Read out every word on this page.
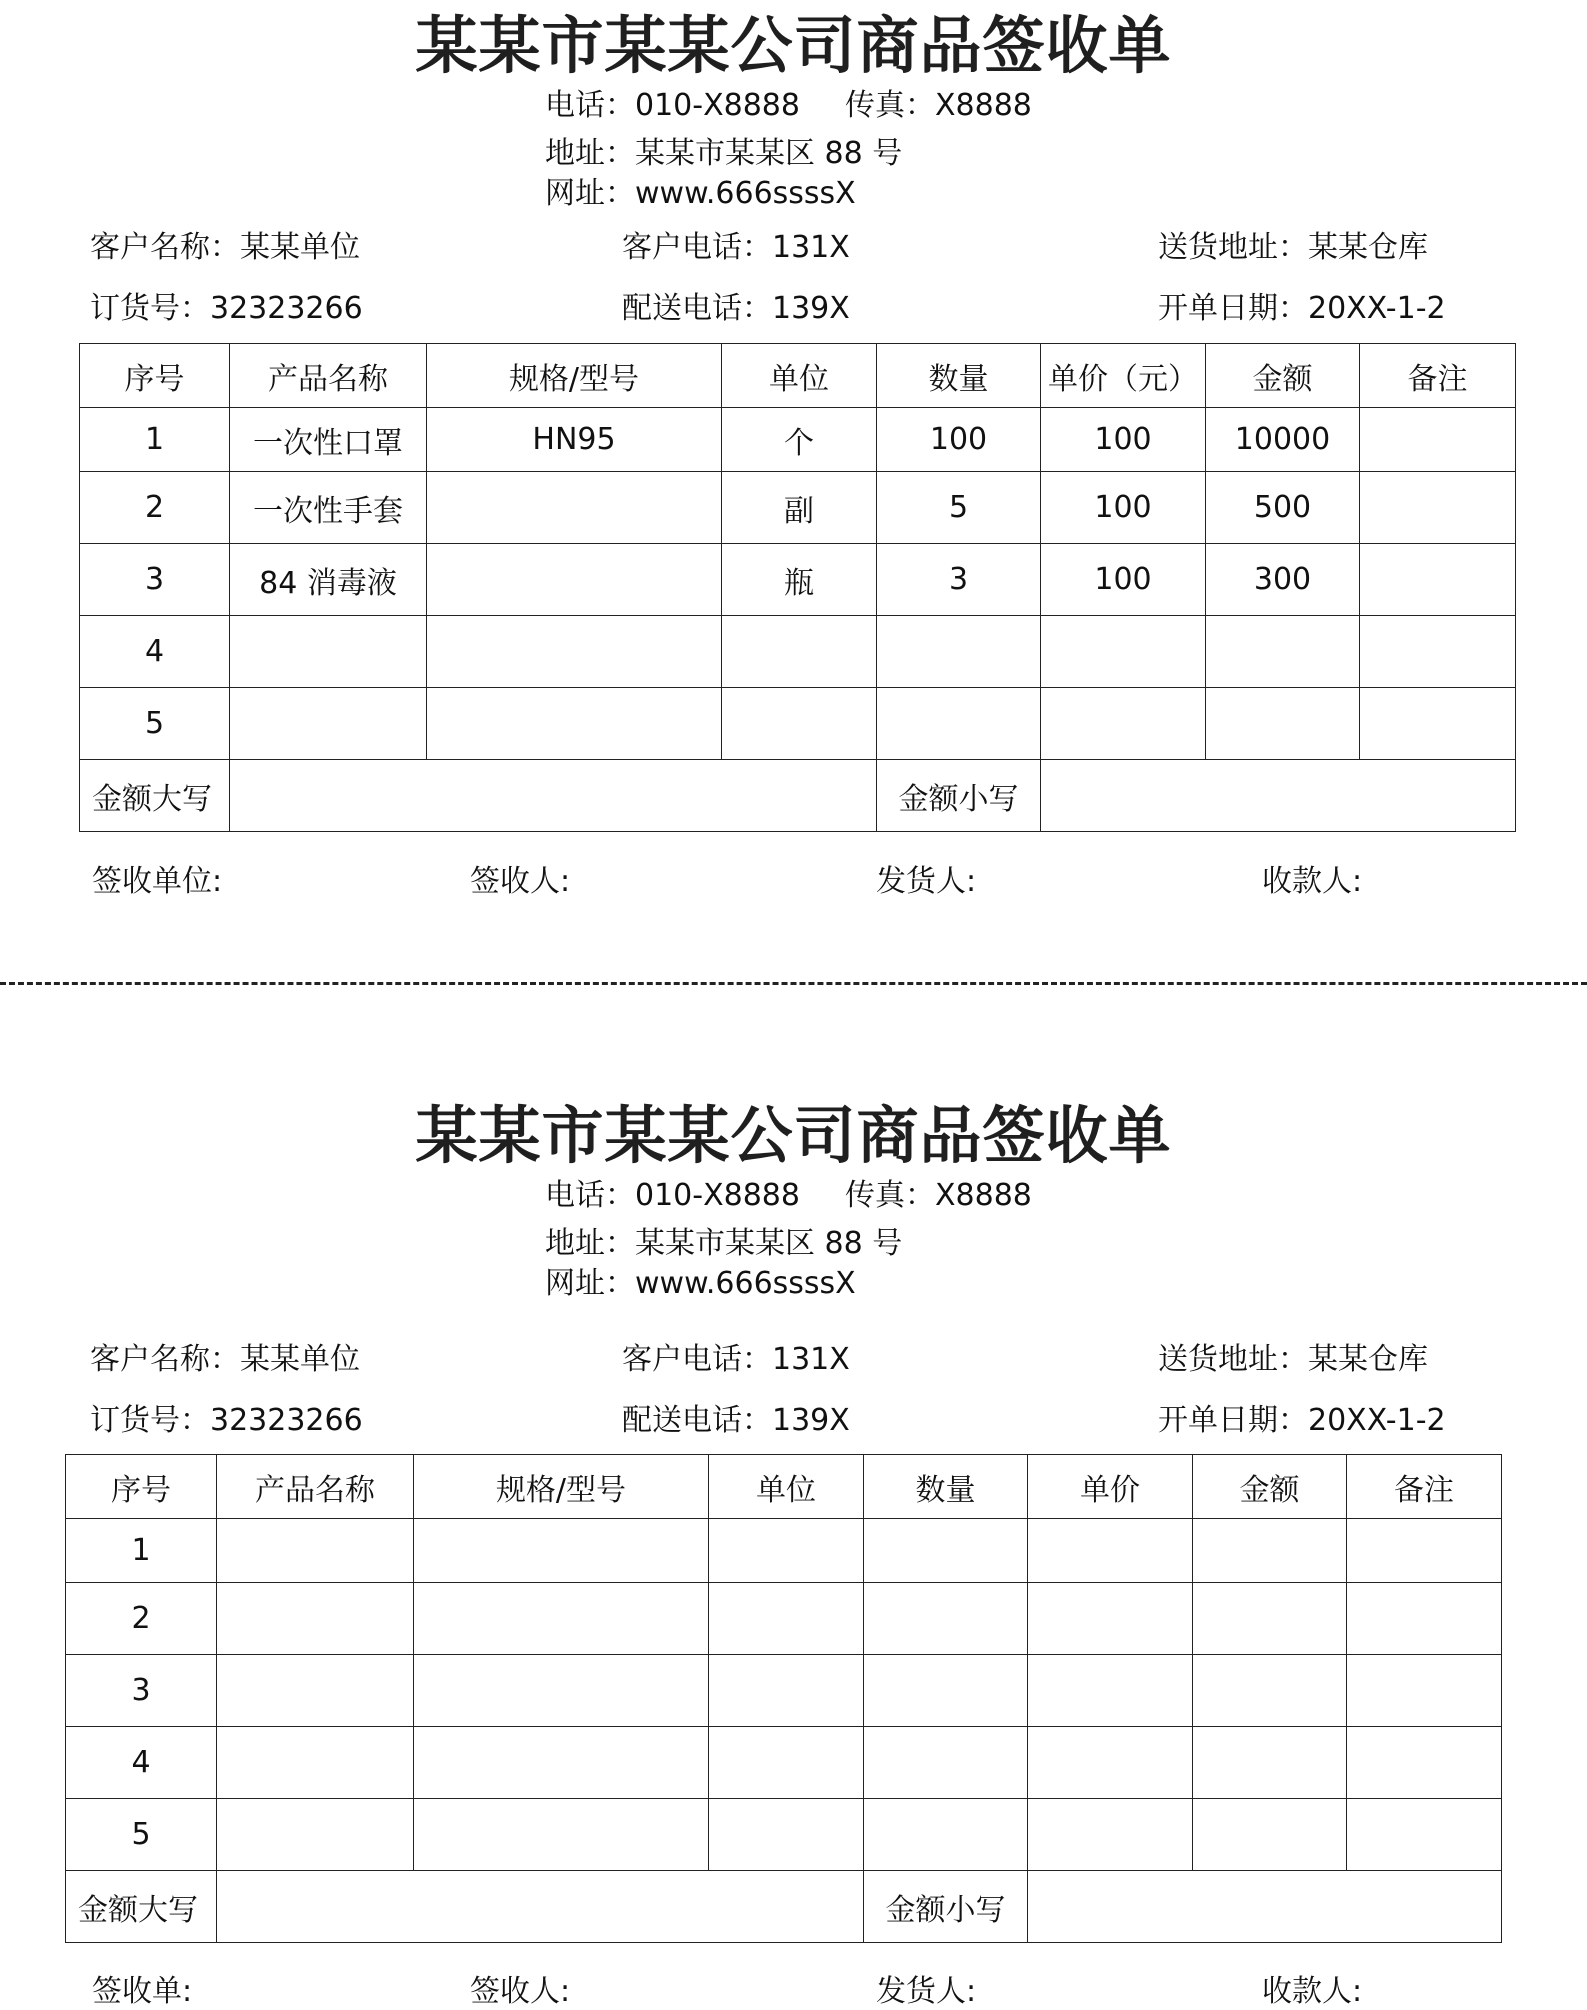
某某市某某公司商品签收单
电话：010-X8888 传真：X8888
地址：某某市某某区 88 号
网址：www.666ssssX
客户名称：某某单位	客户电话：131X	送货地址：某某仓库
订货号：32323266	配送电话：139X	开单日期：20XX-1-2
序号	产品名称	规格/型号	单位	数量	单价（元）	金额	备注
1	一次性口罩	HN95	个	100	100	10000	
2	一次性手套		副	5	100	500	
3	84 消毒液		瓶	3	100	300	
4							
5							
金额大写				金额小写			
签收单位:	签收人:	发货人:	收款人:
某某市某某公司商品签收单
电话：010-X8888 传真：X8888
地址：某某市某某区 88 号
网址：www.666ssssX
客户名称：某某单位	客户电话：131X	送货地址：某某仓库
订货号：32323266	配送电话：139X	开单日期：20XX-1-2
序号	产品名称	规格/型号	单位	数量	单价	金额	备注
1							
2							
3							
4							
5							
金额大写				金额小写			
签收单:	签收人:	发货人:	收款人:
